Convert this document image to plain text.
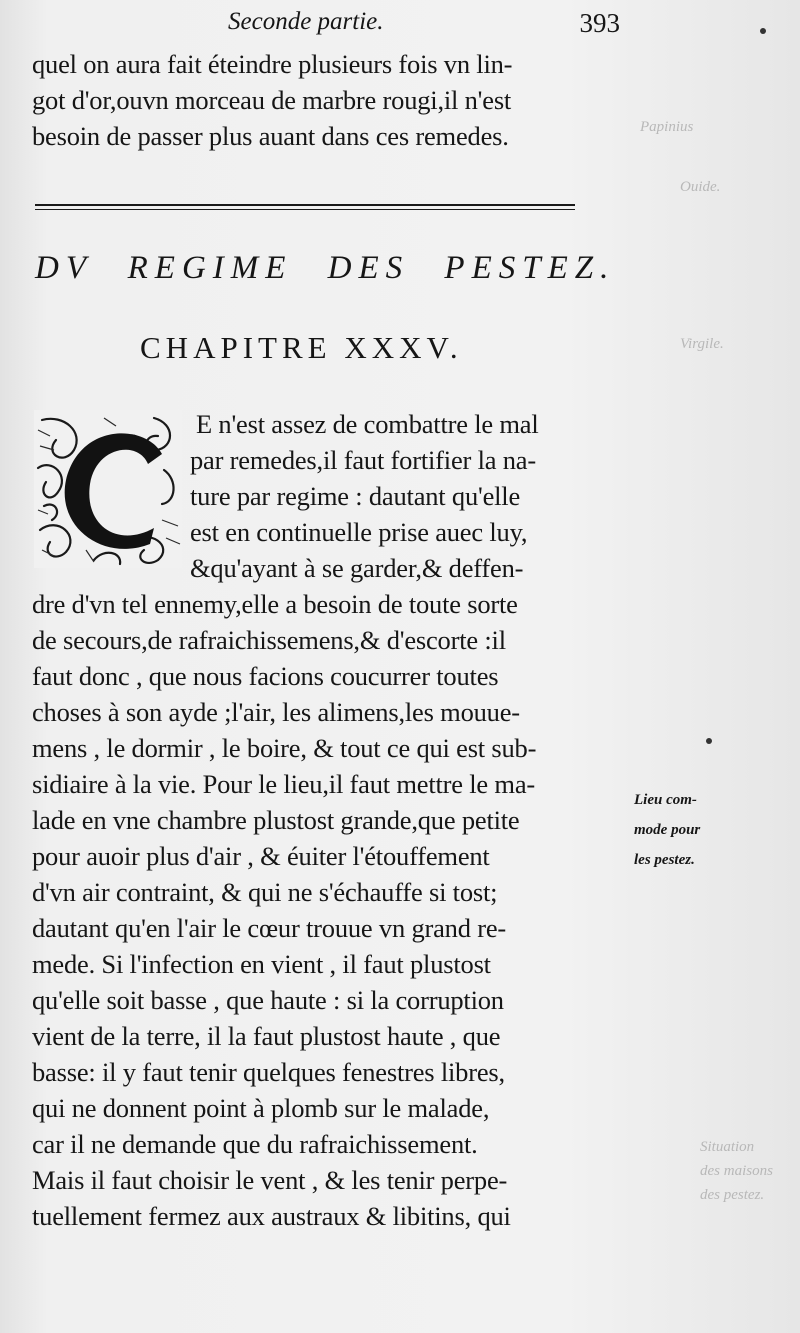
Papinius
Ouide.
Virgile.
Situation
des maisons
des pestez.
Seconde partie.	393
quel on aura fait éteindre plusieurs fois vn lin-
got d'or,ouvn morceau de marbre rougi,il n'est
besoin de passer plus auant dans ces remedes.
DV REGIME DES PESTEZ.
CHAPITRE XXXV.
E n'est assez de combattre le mal
par remedes,il faut fortifier la na-
ture par regime : dautant qu'elle
est en continuelle prise auec luy,
&qu'ayant à se garder,& deffen-
dre d'vn tel ennemy,elle a besoin de toute sorte
de secours,de rafraichissemens,& d'escorte :il
faut donc , que nous facions coucurrer toutes
choses à son ayde ;l'air, les alimens,les mouue-
mens , le dormir , le boire, & tout ce qui est sub-
sidiaire à la vie. Pour le lieu,il faut mettre le ma-
lade en vne chambre plustost grande,que petite
pour auoir plus d'air , & éuiter l'étouffement
d'vn air contraint, & qui ne s'échauffe si tost;
dautant qu'en l'air le cœur trouue vn grand re-
mede. Si l'infection en vient , il faut plustost
qu'elle soit basse , que haute : si la corruption
vient de la terre, il la faut plustost haute , que
basse: il y faut tenir quelques fenestres libres,
qui ne donnent point à plomb sur le malade,
car il ne demande que du rafraichissement.
Mais il faut choisir le vent , & les tenir perpe-
tuellement fermez aux austraux & libitins, qui
Lieu com-
mode pour
les pestez.
